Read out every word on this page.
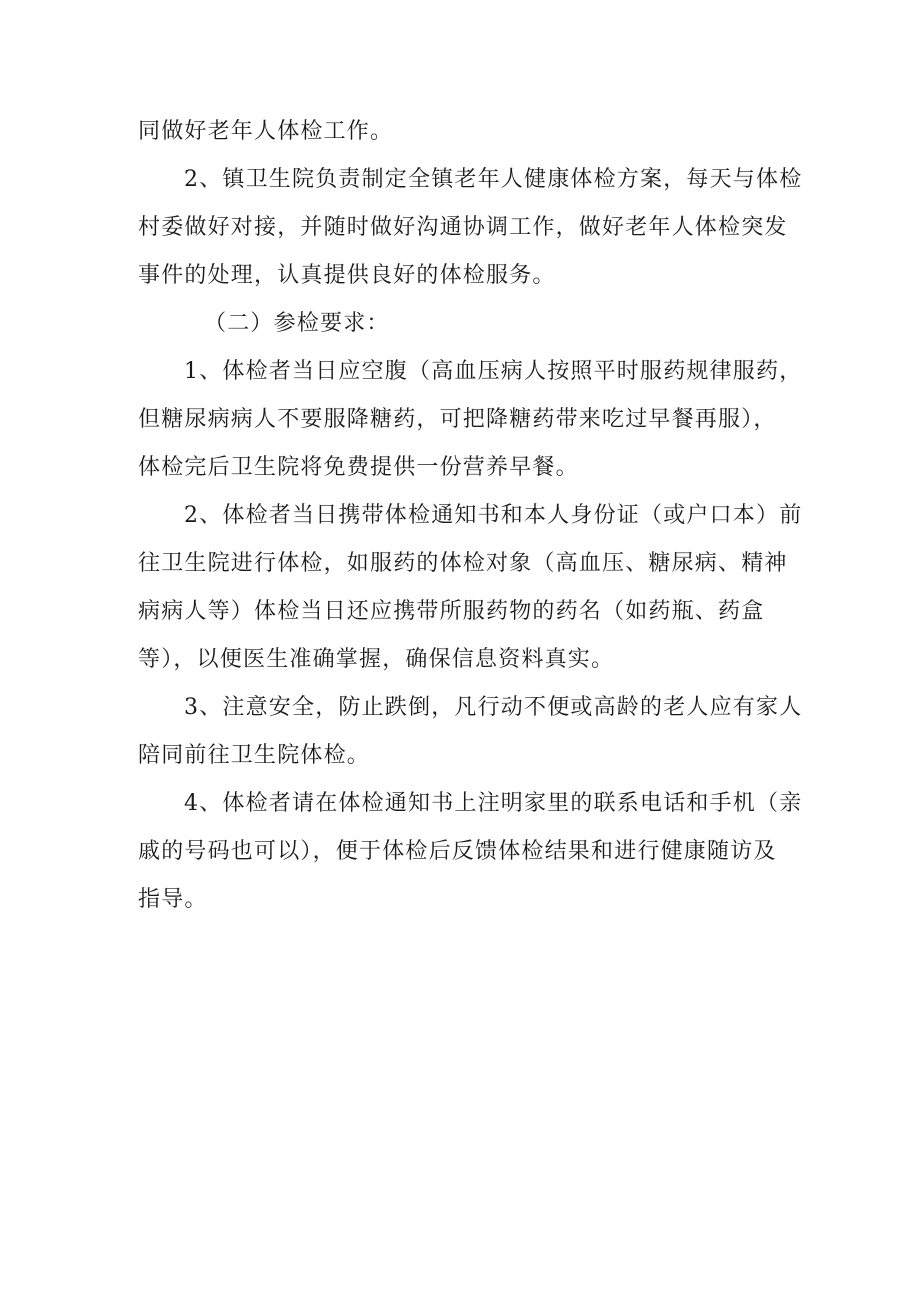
同做好老年人体检工作。
2、镇卫生院负责制定全镇老年人健康体检方案，每天与体检
村委做好对接，并随时做好沟通协调工作，做好老年人体检突发
事件的处理，认真提供良好的体检服务。
（二）参检要求：
1、体检者当日应空腹（高血压病人按照平时服药规律服药，
但糖尿病病人不要服降糖药，可把降糖药带来吃过早餐再服），
体检完后卫生院将免费提供一份营养早餐。
2、体检者当日携带体检通知书和本人身份证（或户口本）前
往卫生院进行体检，如服药的体检对象（高血压、糖尿病、精神
病病人等）体检当日还应携带所服药物的药名（如药瓶、药盒
等），以便医生准确掌握，确保信息资料真实。
3、注意安全，防止跌倒，凡行动不便或高龄的老人应有家人
陪同前往卫生院体检。
4、体检者请在体检通知书上注明家里的联系电话和手机（亲
戚的号码也可以），便于体检后反馈体检结果和进行健康随访及
指导。
